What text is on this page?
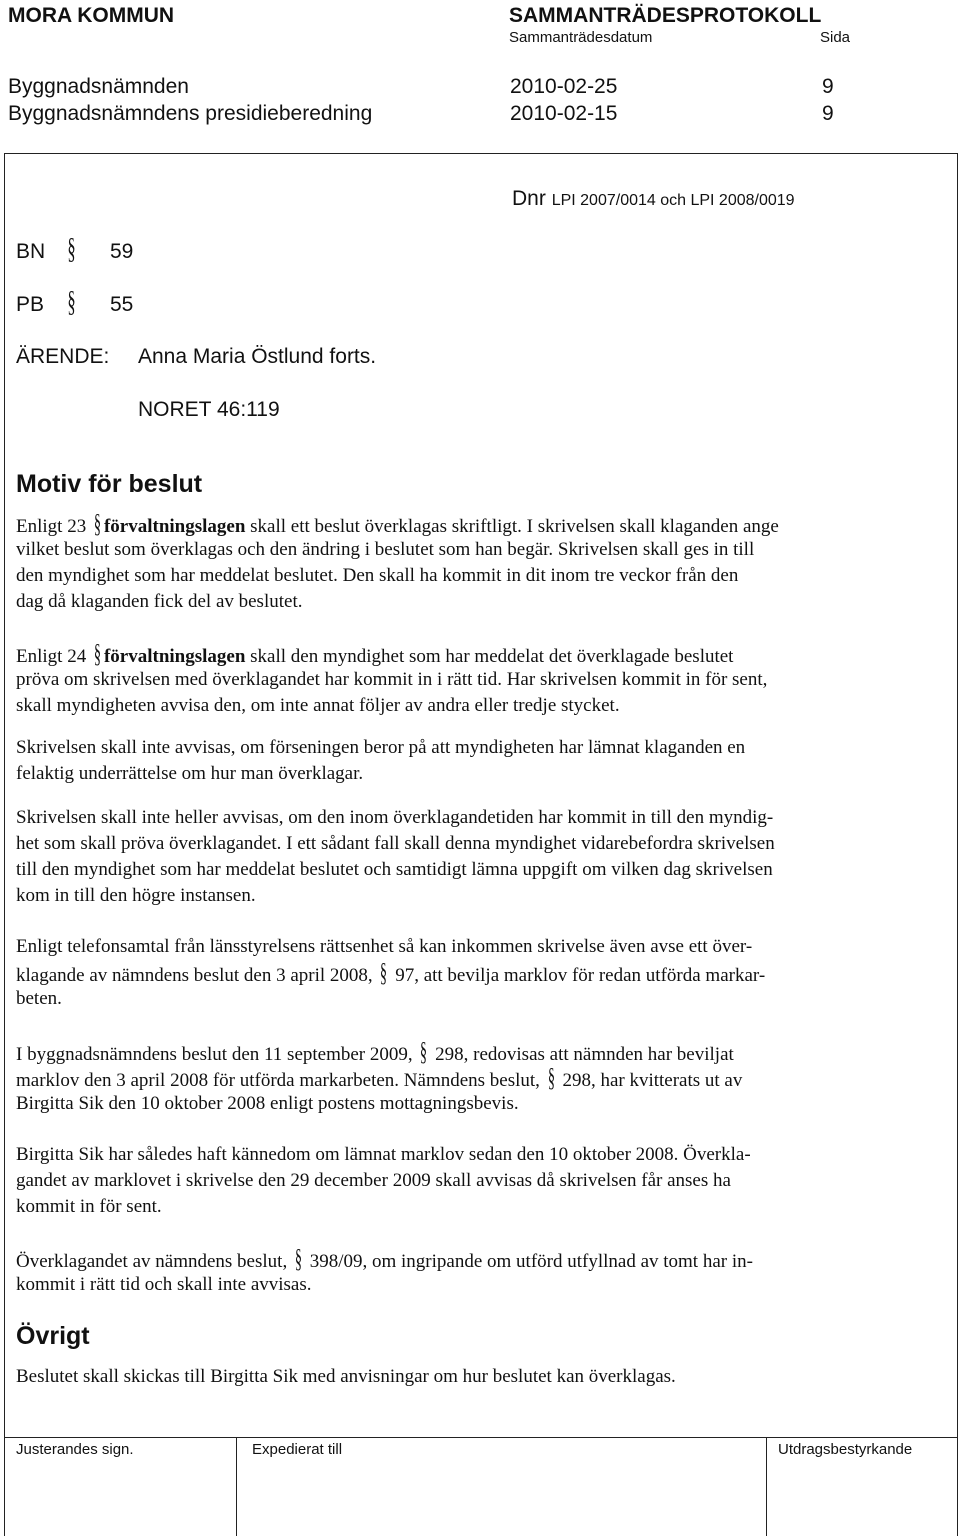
MORA KOMMUN	SAMMANTRÄDESPROTOKOLL
Sammanträdesdatum	Sida
Byggnadsnämnden	2010-02-25	9
Byggnadsnämndens presidieberedning	2010-02-15	9
Dnr LPI 2007/0014 och LPI 2008/0019
BN § 59
PB § 55
ÄRENDE: Anna Maria Östlund forts.
NORET 46:119
Motiv för beslut
Enligt 23 § förvaltningslagen skall ett beslut överklagas skriftligt. I skrivelsen skall klaganden ange
vilket beslut som överklagas och den ändring i beslutet som han begär. Skrivelsen skall ges in till
den myndighet som har meddelat beslutet. Den skall ha kommit in dit inom tre veckor från den
dag då klaganden fick del av beslutet.
Enligt 24 § förvaltningslagen skall den myndighet som har meddelat det överklagade beslutet
pröva om skrivelsen med överklagandet har kommit in i rätt tid. Har skrivelsen kommit in för sent,
skall myndigheten avvisa den, om inte annat följer av andra eller tredje stycket.
Skrivelsen skall inte avvisas, om förseningen beror på att myndigheten har lämnat klaganden en
felaktig underrättelse om hur man överklagar.
Skrivelsen skall inte heller avvisas, om den inom överklagandetiden har kommit in till den myndig-
het som skall pröva överklagandet. I ett sådant fall skall denna myndighet vidarebefordra skrivelsen
till den myndighet som har meddelat beslutet och samtidigt lämna uppgift om vilken dag skrivelsen
kom in till den högre instansen.
Enligt telefonsamtal från länsstyrelsens rättsenhet så kan inkommen skrivelse även avse ett över-
klagande av nämndens beslut den 3 april 2008, § 97, att bevilja marklov för redan utförda markar-
beten.
I byggnadsnämndens beslut den 11 september 2009, § 298, redovisas att nämnden har beviljat
marklov den 3 april 2008 för utförda markarbeten. Nämndens beslut, § 298, har kvitterats ut av
Birgitta Sik den 10 oktober 2008 enligt postens mottagningsbevis.
Birgitta Sik har således haft kännedom om lämnat marklov sedan den 10 oktober 2008. Överkla-
gandet av marklovet i skrivelse den 29 december 2009 skall avvisas då skrivelsen får anses ha
kommit in för sent.
Överklagandet av nämndens beslut, § 398/09, om ingripande om utförd utfyllnad av tomt har in-
kommit i rätt tid och skall inte avvisas.
Övrigt
Beslutet skall skickas till Birgitta Sik med anvisningar om hur beslutet kan överklagas.
Justerandes sign.	Expedierat till	Utdragsbestyrkande
